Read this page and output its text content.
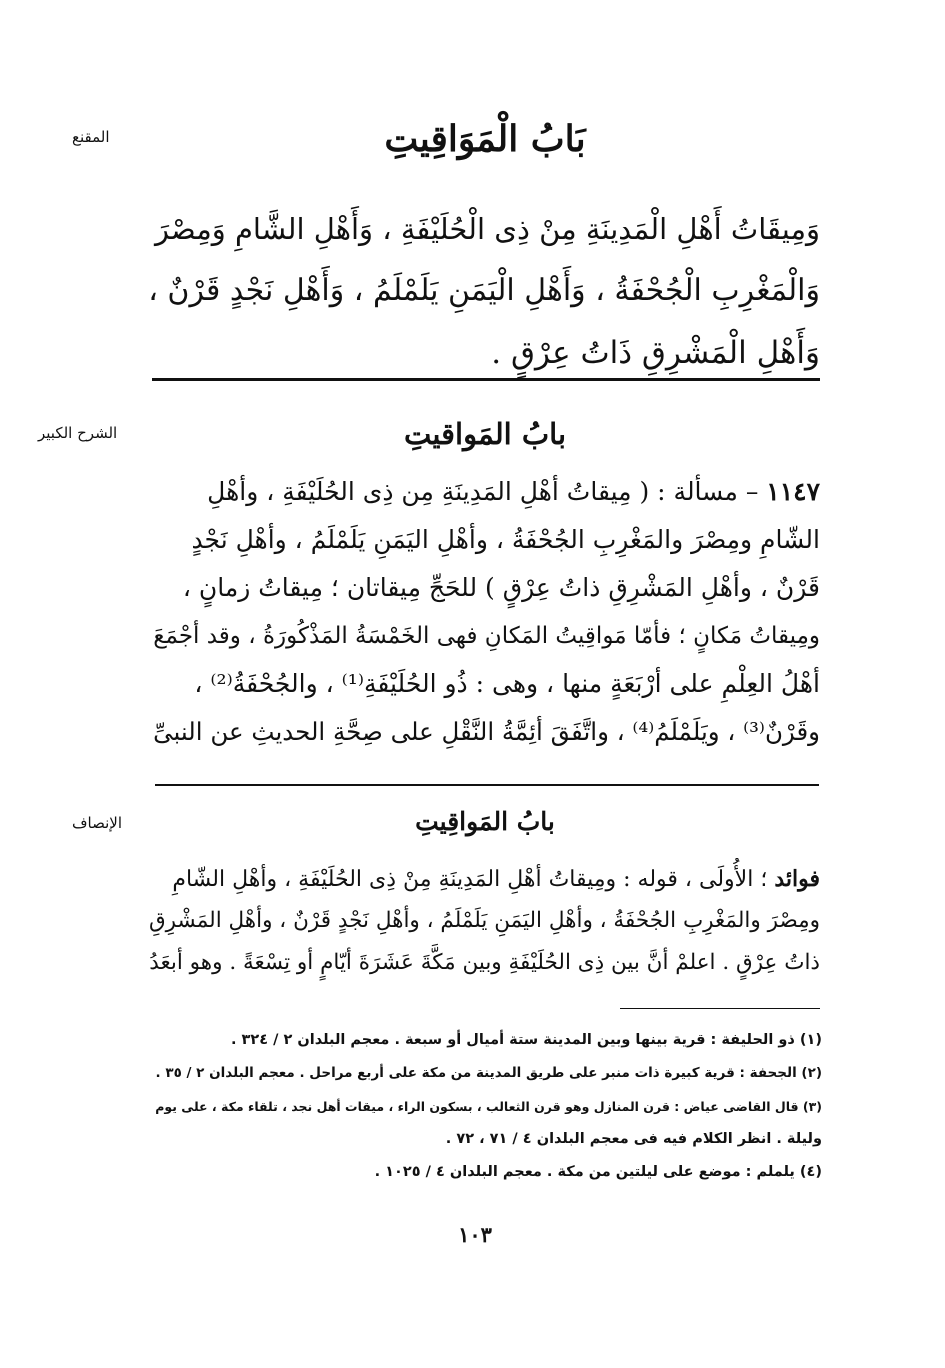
المقنع	بَابُ الْمَوَاقِيتِ
وَمِيقَاتُ أَهْلِ الْمَدِينَةِ مِنْ ذِى الْحُلَيْفَةِ ، وَأَهْلِ الشَّامِ وَمِصْرَ
وَالْمَغْرِبِ الْجُحْفَةُ ، وَأَهْلِ الْيَمَنِ يَلَمْلَمُ ، وَأَهْلِ نَجْدٍ قَرْنٌ ،
وَأَهْلِ الْمَشْرِقِ ذَاتُ عِرْقٍ .
الشرح الكبير	بابُ المَواقيتِ
١١٤٧ – مسألة : ( مِيقاتُ أهْلِ المَدِينَةِ مِن ذِى الحُلَيْفَةِ ، وأهْلِ
الشّامِ ومِصْرَ والمَغْرِبِ الجُحْفَةُ ، وأهْلِ اليَمَنِ يَلَمْلَمُ ، وأهْلِ نَجْدٍ
قَرْنٌ ، وأهْلِ المَشْرِقِ ذاتُ عِرْقٍ ) للحَجِّ مِيقاتان ؛ مِيقاتُ زمانٍ ،
ومِيقاتُ مَكانٍ ؛ فأمّا مَواقِيتُ المَكانِ فهى الخَمْسَةُ المَذْكُورَةُ ، وقد أجْمَعَ
أهْلُ العِلْمِ على أرْبَعَةٍ منها ، وهى : ذُو الحُلَيْفَةِ⁽¹⁾ ، والجُحْفَةُ⁽²⁾ ،
وقَرْنٌ⁽³⁾ ، ويَلَمْلَمُ⁽⁴⁾ ، واتَّفَقَ أئِمَّةُ النَّقْلِ على صِحَّةِ الحديثِ عن النبىِّ
الإنصاف	بابُ المَواقِيتِ
فوائد ؛ الأُولَى ، قوله : ومِيقاتُ أهْلِ المَدِينَةِ مِنْ ذِى الحُلَيْفَةِ ، وأهْلِ الشّامِ
ومِصْرَ والمَغْرِبِ الجُحْفَةُ ، وأهْلِ اليَمَنِ يَلَمْلَمُ ، وأهْلِ نَجْدٍ قَرْنٌ ، وأهْلِ المَشْرِقِ
ذاتُ عِرْقٍ . اعلمْ أنَّ بين ذِى الحُلَيْفَةِ وبين مَكَّةَ عَشَرَةَ أيّامٍ أو تِسْعَةً . وهو أبعَدُ
(١) ذو الحليفة : قرية بينها وبين المدينة ستة أميال أو سبعة . معجم البلدان ٢ / ٣٢٤ .
(٢) الجحفة : قرية كبيرة ذات منبر على طريق المدينة من مكة على أربع مراحل . معجم البلدان ٢ / ٣٥ .
(٣) قال القاضى عياض : قرن المنازل وهو قرن الثعالب ، بسكون الراء ، ميقات أهل نجد ، تلقاء مكة ، على يوم
وليلة . انظر الكلام فيه فى معجم البلدان ٤ / ٧١ ، ٧٢ .
(٤) يلملم : موضع على ليلتين من مكة . معجم البلدان ٤ / ١٠٢٥ .
١٠٣
